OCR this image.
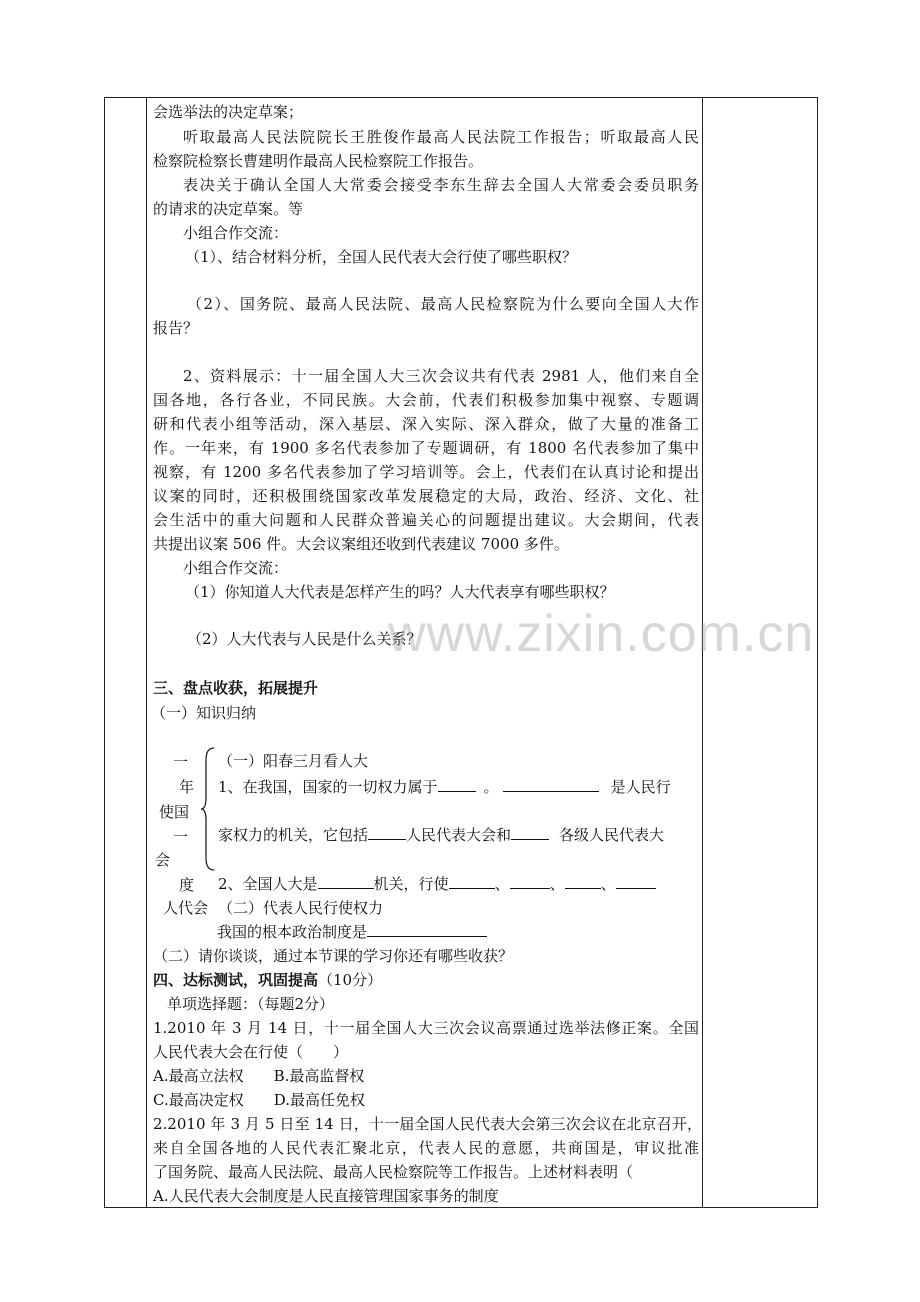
会选举法的决定草案；
听取最高人民法院院长王胜俊作最高人民法院工作报告；听取最高人民
检察院检察长曹建明作最高人民检察院工作报告。
表决关于确认全国人大常委会接受李东生辞去全国人大常委会委员职务
的请求的决定草案。等
小组合作交流：
（1）、结合材料分析，全国人民代表大会行使了哪些职权？
（2）、国务院、最高人民法院、最高人民检察院为什么要向全国人大作
报告？
2、资料展示：十一届全国人大三次会议共有代表 2981 人，他们来自全
国各地，各行各业，不同民族。大会前，代表们积极参加集中视察、专题调
研和代表小组等活动，深入基层、深入实际、深入群众，做了大量的准备工
作。一年来，有 1900 多名代表参加了专题调研，有 1800 名代表参加了集中
视察，有 1200 多名代表参加了学习培训等。会上，代表们在认真讨论和提出
议案的同时，还积极围绕国家改革发展稳定的大局，政治、经济、文化、社
会生活中的重大问题和人民群众普遍关心的问题提出建议。大会期间，代表
共提出议案 506 件。大会议案组还收到代表建议 7000 多件。
小组合作交流：
（1）你知道人大代表是怎样产生的吗？人大代表享有哪些职权？
（2）人大代表与人民是什么关系？
三、盘点收获，拓展提升
（一）知识归纳
一
年
使国
一
会
度
人代会
（一）阳春三月看人大
1、在我国，国家的一切权力属于	。	是人民行
家权力的机关，它包括	人民代表大会和	各级人民代表大
2、全国人大是	机关，行使	、	、 、
（二）代表人民行使权力
我国的根本政治制度是
（二）请你谈谈，通过本节课的学习你还有哪些收获？
四、达标测试，巩固提高（10分）
单项选择题：（每题2分）
1.2010 年 3 月 14 日，十一届全国人大三次会议高票通过选举法修正案。全国
人民代表大会在行使（　　）
A.最高立法权　　B.最高监督权
C.最高决定权　　D.最高任免权
2.2010 年 3 月 5 日至 14 日，十一届全国人民代表大会第三次会议在北京召开，
来自全国各地的人民代表汇聚北京，代表人民的意愿，共商国是，审议批准
了国务院、最高人民法院、最高人民检察院等工作报告。上述材料表明（
A.人民代表大会制度是人民直接管理国家事务的制度
www.zixin.com.cn
